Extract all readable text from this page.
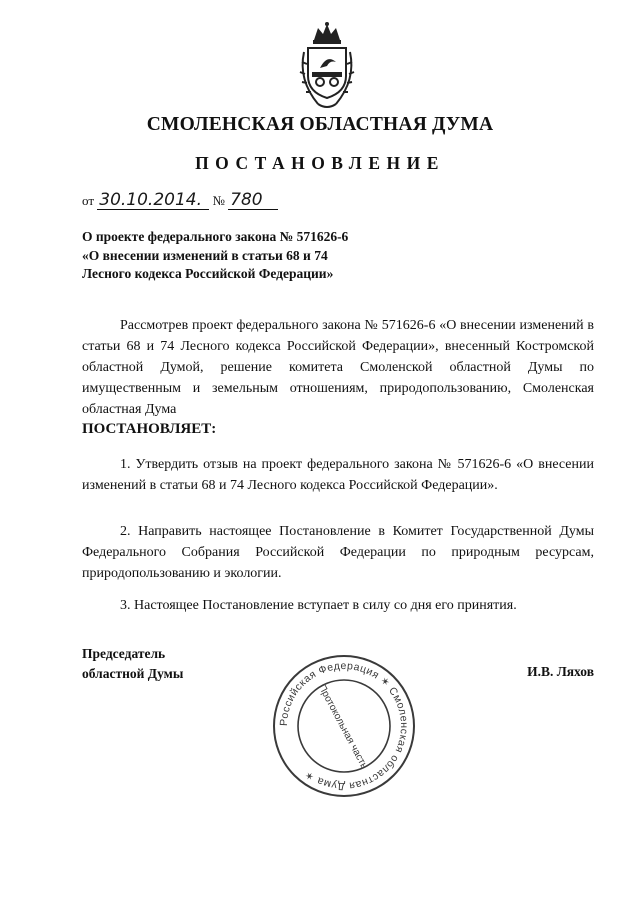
СМОЛЕНСКАЯ ОБЛАСТНАЯ ДУМА
ПОСТАНОВЛЕНИЕ
от 30.10.2014. № 780
О проекте федерального закона № 571626-6
«О внесении изменений в статьи 68 и 74
Лесного кодекса Российской Федерации»
Рассмотрев проект федерального закона № 571626-6 «О внесении изменений в статьи 68 и 74 Лесного кодекса Российской Федерации», внесенный Костромской областной Думой, решение комитета Смоленской областной Думы по имущественным и земельным отношениям, природопользованию, Смоленская областная Дума
ПОСТАНОВЛЯЕТ:
1. Утвердить отзыв на проект федерального закона № 571626-6 «О внесении изменений в статьи 68 и 74 Лесного кодекса Российской Федерации».
2. Направить настоящее Постановление в Комитет Государственной Думы Федерального Собрания Российской Федерации по природным ресурсам, природопользованию и экологии.
3. Настоящее Постановление вступает в силу со дня его принятия.
Председатель
областной Думы	И.В. Ляхов
Российская Федерация ✶ Смоленская областная Дума ✶
Протокольная часть
